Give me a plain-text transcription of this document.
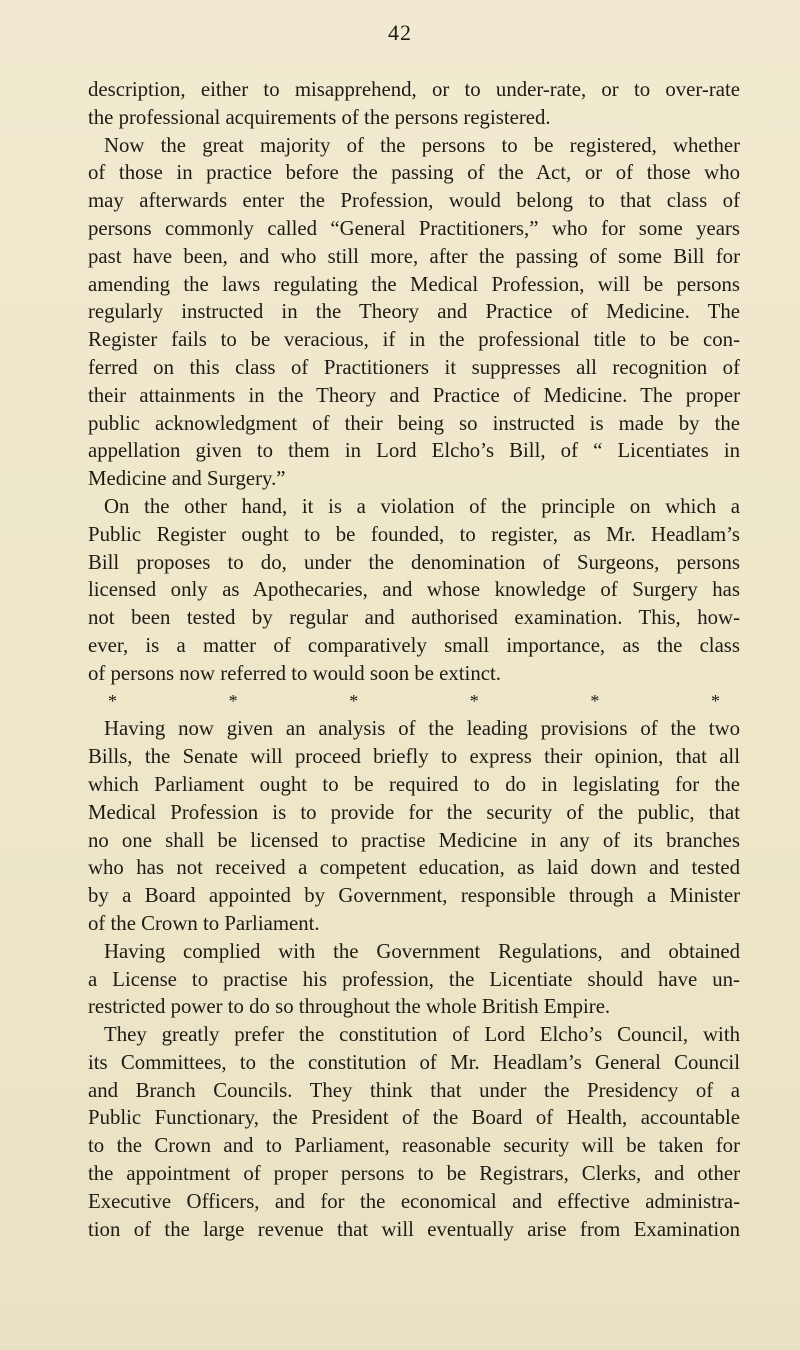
42
description, either to misapprehend, or to under-rate, or to over-rate
the professional acquirements of the persons registered.
Now the great majority of the persons to be registered, whether
of those in practice before the passing of the Act, or of those who
may afterwards enter the Profession, would belong to that class of
persons commonly called “General Practitioners,” who for some years
past have been, and who still more, after the passing of some Bill for
amending the laws regulating the Medical Profession, will be persons
regularly instructed in the Theory and Practice of Medicine. The
Register fails to be veracious, if in the professional title to be con-
ferred on this class of Practitioners it suppresses all recognition of
their attainments in the Theory and Practice of Medicine. The proper
public acknowledgment of their being so instructed is made by the
appellation given to them in Lord Elcho’s Bill, of “ Licentiates in
Medicine and Surgery.”
On the other hand, it is a violation of the principle on which a
Public Register ought to be founded, to register, as Mr. Headlam’s
Bill proposes to do, under the denomination of Surgeons, persons
licensed only as Apothecaries, and whose knowledge of Surgery has
not been tested by regular and authorised examination. This, how-
ever, is a matter of comparatively small importance, as the class
of persons now referred to would soon be extinct.
*	*	*	*	*	*
Having now given an analysis of the leading provisions of the two
Bills, the Senate will proceed briefly to express their opinion, that all
which Parliament ought to be required to do in legislating for the
Medical Profession is to provide for the security of the public, that
no one shall be licensed to practise Medicine in any of its branches
who has not received a competent education, as laid down and tested
by a Board appointed by Government, responsible through a Minister
of the Crown to Parliament.
Having complied with the Government Regulations, and obtained
a License to practise his profession, the Licentiate should have un-
restricted power to do so throughout the whole British Empire.
They greatly prefer the constitution of Lord Elcho’s Council, with
its Committees, to the constitution of Mr. Headlam’s General Council
and Branch Councils. They think that under the Presidency of a
Public Functionary, the President of the Board of Health, accountable
to the Crown and to Parliament, reasonable security will be taken for
the appointment of proper persons to be Registrars, Clerks, and other
Executive Officers, and for the economical and effective administra-
tion of the large revenue that will eventually arise from Examination
